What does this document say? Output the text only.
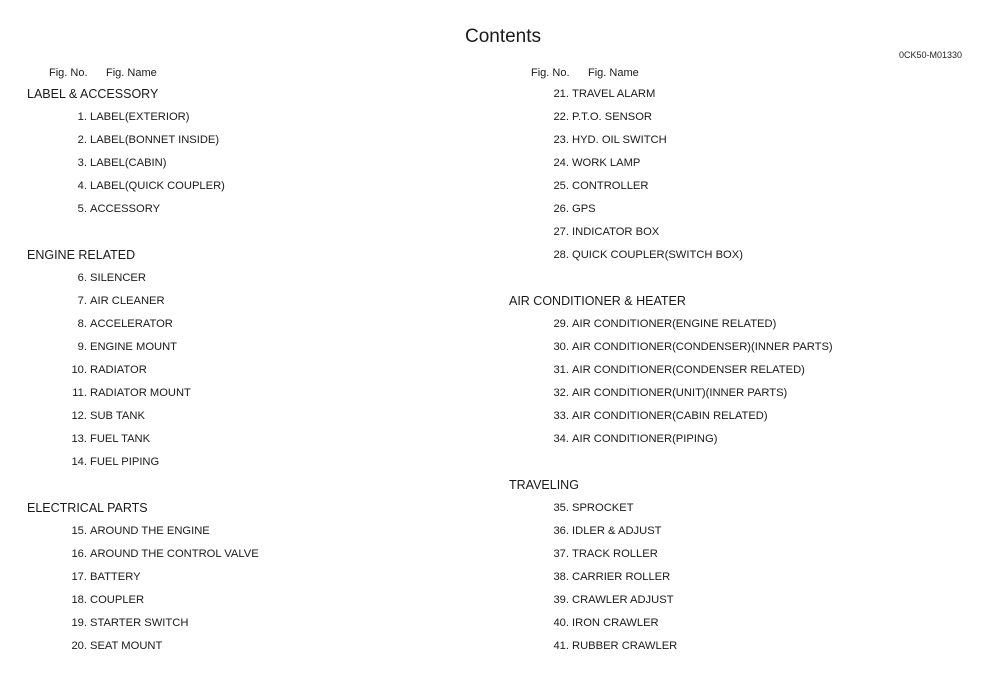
Contents
0CK50-M01330
Fig. No. Fig. Name	Fig. No. Fig. Name
LABEL & ACCESSORY
1. LABEL(EXTERIOR)
2. LABEL(BONNET INSIDE)
3. LABEL(CABIN)
4. LABEL(QUICK COUPLER)
5. ACCESSORY
ENGINE RELATED
6. SILENCER
7. AIR CLEANER
8. ACCELERATOR
9. ENGINE MOUNT
10. RADIATOR
11. RADIATOR MOUNT
12. SUB TANK
13. FUEL TANK
14. FUEL PIPING
ELECTRICAL PARTS
15. AROUND THE ENGINE
16. AROUND THE CONTROL VALVE
17. BATTERY
18. COUPLER
19. STARTER SWITCH
20. SEAT MOUNT
21. TRAVEL ALARM
22. P.T.O. SENSOR
23. HYD. OIL SWITCH
24. WORK LAMP
25. CONTROLLER
26. GPS
27. INDICATOR BOX
28. QUICK COUPLER(SWITCH BOX)
AIR CONDITIONER & HEATER
29. AIR CONDITIONER(ENGINE RELATED)
30. AIR CONDITIONER(CONDENSER)(INNER PARTS)
31. AIR CONDITIONER(CONDENSER RELATED)
32. AIR CONDITIONER(UNIT)(INNER PARTS)
33. AIR CONDITIONER(CABIN RELATED)
34. AIR CONDITIONER(PIPING)
TRAVELING
35. SPROCKET
36. IDLER & ADJUST
37. TRACK ROLLER
38. CARRIER ROLLER
39. CRAWLER ADJUST
40. IRON CRAWLER
41. RUBBER CRAWLER
